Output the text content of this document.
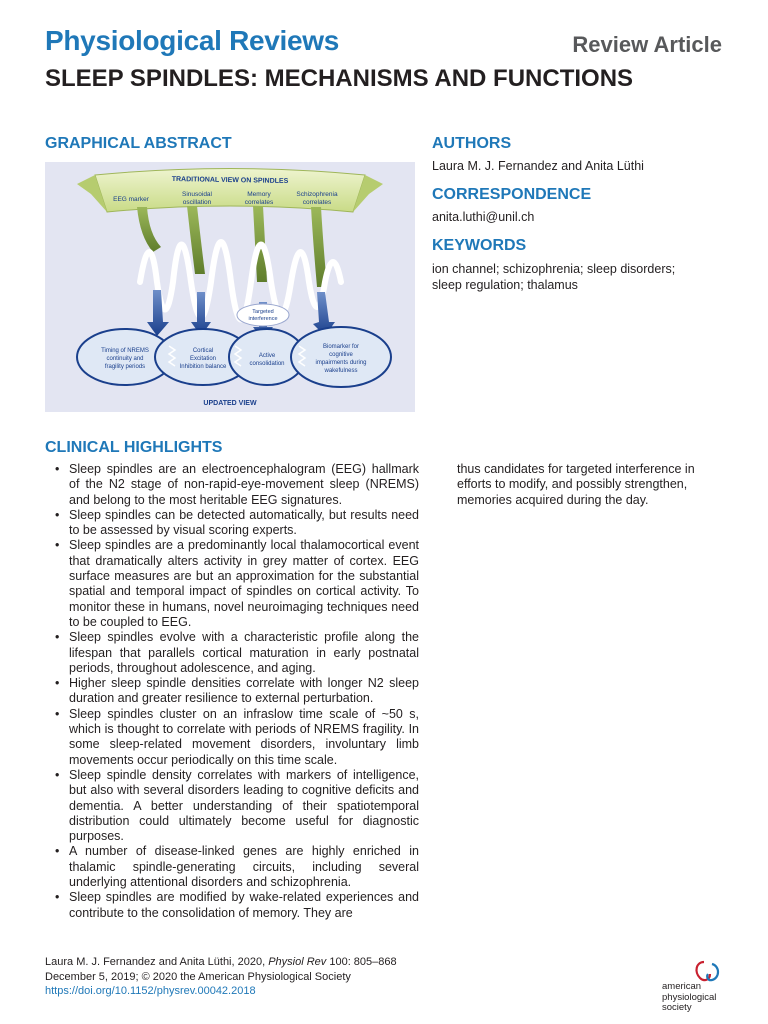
Physiological Reviews	Review Article
SLEEP SPINDLES: MECHANISMS AND FUNCTIONS
GRAPHICAL ABSTRACT
TRADITIONAL VIEW ON SPINDLES
EEG marker
Sinusoidal
oscillation
Memory
correlates
Schizophrenia
correlates
Targeted
interference
Timing of NREMS
continuity and
fragility periods
Cortical
Excitation
Inhibition balance
Active
consolidation
Biomarker for
cognitive
impairments during
wakefulness
UPDATED VIEW
AUTHORS
Laura M. J. Fernandez and Anita Lüthi
CORRESPONDENCE
anita.luthi@unil.ch
KEYWORDS
ion channel; schizophrenia; sleep disorders;
sleep regulation; thalamus
CLINICAL HIGHLIGHTS
• Sleep spindles are an electroencephalogram (EEG) hallmark of the N2 stage of non-rapid-eye-movement sleep (NREMS) and belong to the most heritable EEG signatures.
• Sleep spindles can be detected automatically, but results need to be assessed by visual scoring experts.
• Sleep spindles are a predominantly local thalamocortical event that dramatically alters activity in grey matter of cortex. EEG surface measures are but an approximation for the substantial spatial and temporal impact of spindles on cortical activity. To monitor these in humans, novel neuroimaging techniques need to be coupled to EEG.
• Sleep spindles evolve with a characteristic profile along the lifespan that parallels cortical maturation in early postnatal periods, throughout adolescence, and aging.
• Higher sleep spindle densities correlate with longer N2 sleep duration and greater resilience to external perturbation.
• Sleep spindles cluster on an infraslow time scale of ~50 s, which is thought to correlate with periods of NREMS fragility. In some sleep-related movement disorders, involuntary limb movements occur periodically on this time scale.
• Sleep spindle density correlates with markers of intelligence, but also with several disorders leading to cognitive deficits and dementia. A better understanding of their spatiotemporal distribution could ultimately become useful for diagnostic purposes.
• A number of disease-linked genes are highly enriched in thalamic spindle-generating circuits, including several underlying attentional disorders and schizophrenia.
• Sleep spindles are modified by wake-related experiences and contribute to the consolidation of memory. They are
thus candidates for targeted interference in efforts to modify, and possibly strengthen, memories acquired during the day.
Laura M. J. Fernandez and Anita Lüthi, 2020, Physiol Rev 100: 805–868
December 5, 2019; © 2020 the American Physiological Society
https://doi.org/10.1152/physrev.00042.2018	american
physiological
society
